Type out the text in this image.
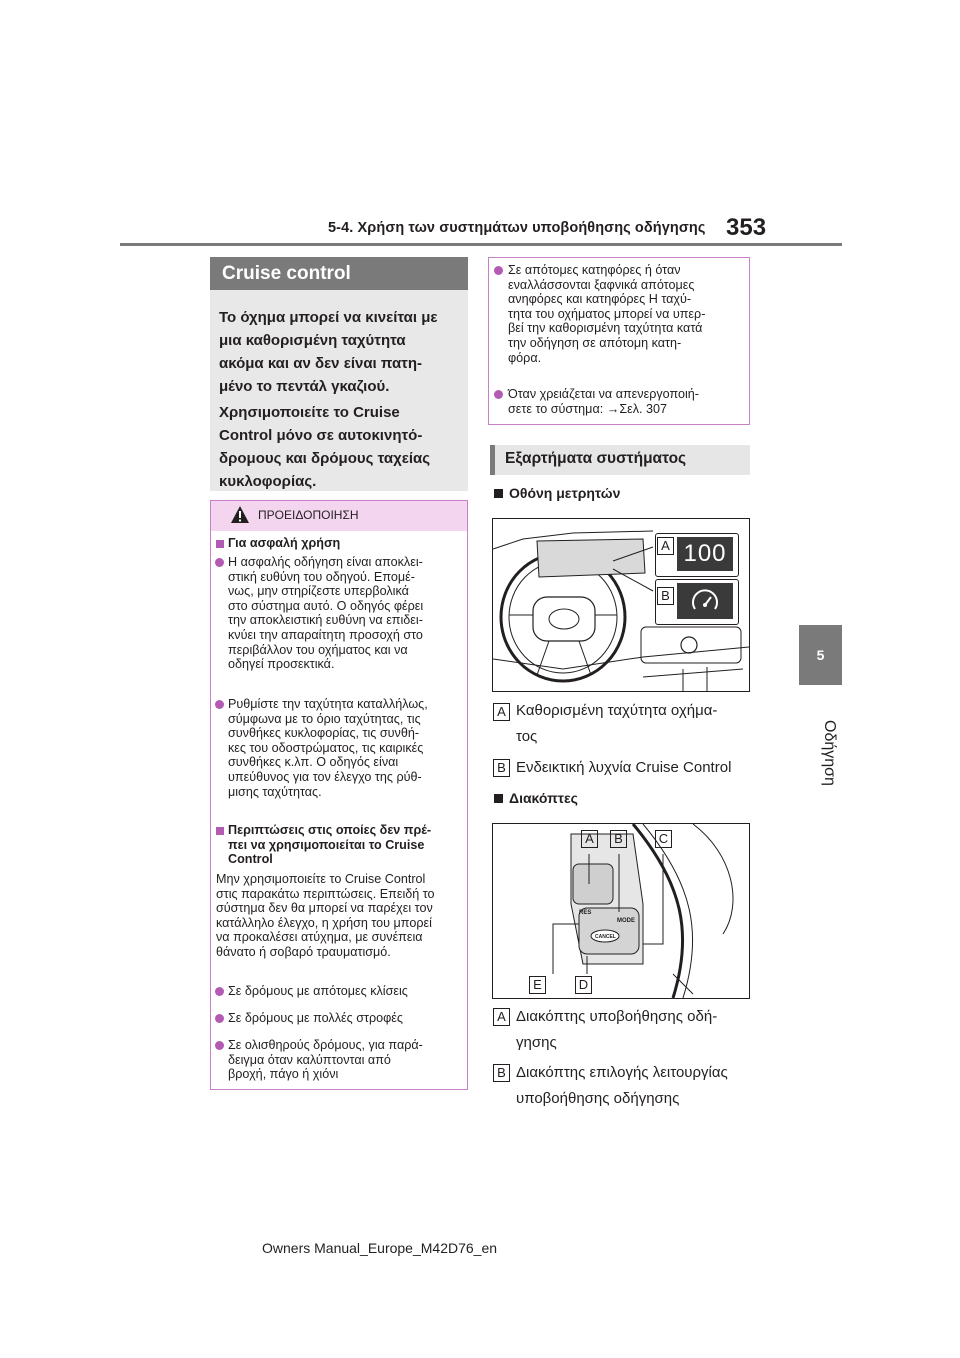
5-4. Χρήση των συστημάτων υποβοήθησης οδήγησης 353
5
Οδήγηση
Cruise control
Το όχημα μπορεί να κινείται με
μια καθορισμένη ταχύτητα
ακόμα και αν δεν είναι πατη-
μένο το πεντάλ γκαζιού.
Χρησιμοποιείτε το Cruise
Control μόνο σε αυτοκινητό-
δρομους και δρόμους ταχείας
κυκλοφορίας.
ΠΡΟΕΙΔΟΠΟΙΗΣΗ
Για ασφαλή χρήση
Η ασφαλής οδήγηση είναι αποκλει-
στική ευθύνη του οδηγού. Επομέ-
νως, μην στηρίζεστε υπερβολικά
στο σύστημα αυτό. Ο οδηγός φέρει
την αποκλειστική ευθύνη να επιδει-
κνύει την απαραίτητη προσοχή στο
περιβάλλον του οχήματος και να
οδηγεί προσεκτικά.
Ρυθμίστε την ταχύτητα καταλλήλως,
σύμφωνα με το όριο ταχύτητας, τις
συνθήκες κυκλοφορίας, τις συνθή-
κες του οδοστρώματος, τις καιρικές
συνθήκες κ.λπ. Ο οδηγός είναι
υπεύθυνος για τον έλεγχο της ρύθ-
μισης ταχύτητας.
Περιπτώσεις στις οποίες δεν πρέ-
πει να χρησιμοποιείται το Cruise
Control
Μην χρησιμοποιείτε το Cruise Control
στις παρακάτω περιπτώσεις. Επειδή το
σύστημα δεν θα μπορεί να παρέχει τον
κατάλληλο έλεγχο, η χρήση του μπορεί
να προκαλέσει ατύχημα, με συνέπεια
θάνατο ή σοβαρό τραυματισμό.
Σε δρόμους με απότομες κλίσεις
Σε δρόμους με πολλές στροφές
Σε ολισθηρούς δρόμους, για παρά-
δειγμα όταν καλύπτονται από
βροχή, πάγο ή χιόνι
Σε απότομες κατηφόρες ή όταν
εναλλάσσονται ξαφνικά απότομες
ανηφόρες και κατηφόρες Η ταχύ-
τητα του οχήματος μπορεί να υπερ-
βεί την καθορισμένη ταχύτητα κατά
την οδήγηση σε απότομη κατη-
φόρα.
Όταν χρειάζεται να απενεργοποιή-
σετε το σύστημα: →Σελ. 307
Εξαρτήματα συστήματος
Οθόνη μετρητών
100
A
B
A Καθορισμένη ταχύτητα οχήμα-
τος
B Ενδεικτική λυχνία Cruise Control
Διακόπτες
RES
MODE
CANCEL
A	B	C
E	D
A Διακόπτης υποβοήθησης οδή-
γησης
B Διακόπτης επιλογής λειτουργίας
υποβοήθησης οδήγησης
Owners Manual_Europe_M42D76_en
